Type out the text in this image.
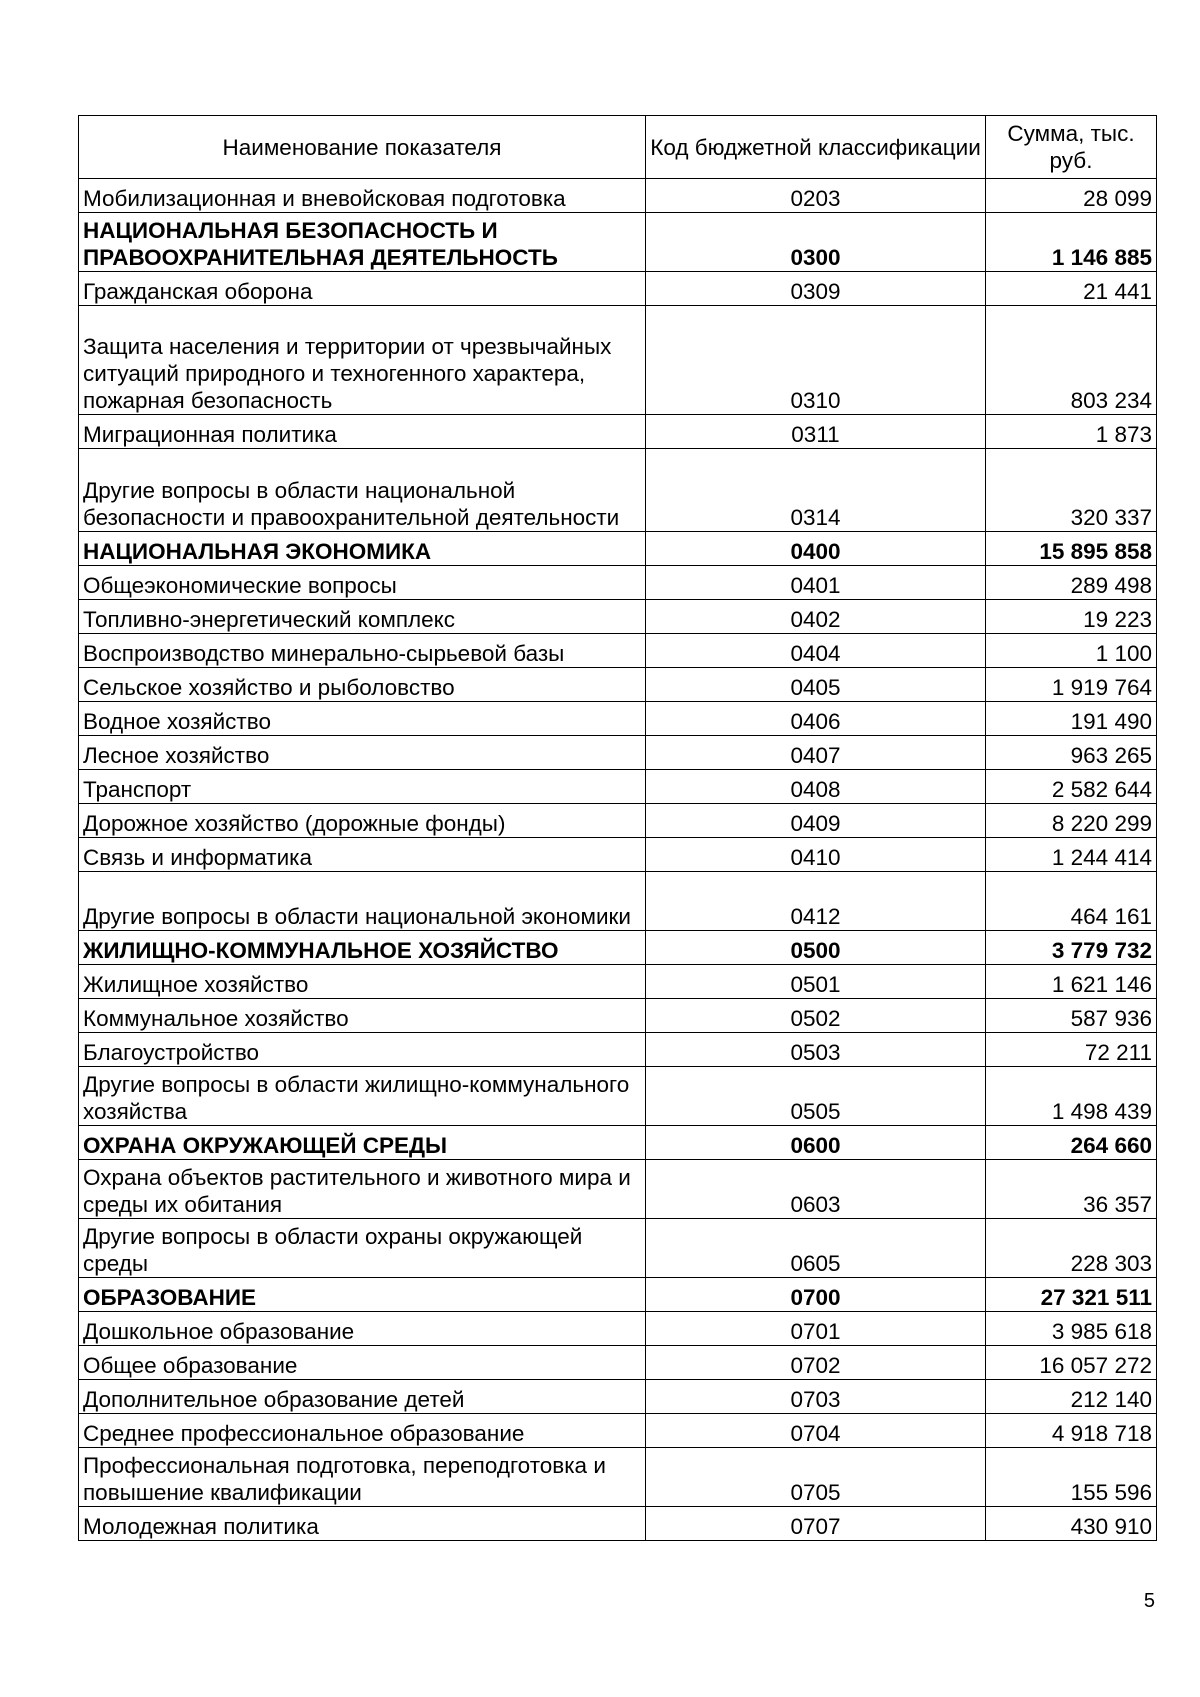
Наименование показателя	Код бюджетной классификации	Сумма, тыс. руб.
Мобилизационная и вневойсковая подготовка	0203	28 099
НАЦИОНАЛЬНАЯ БЕЗОПАСНОСТЬ И ПРАВООХРАНИТЕЛЬНАЯ ДЕЯТЕЛЬНОСТЬ	0300	1 146 885
Гражданская оборона	0309	21 441
Защита населения и территории от чрезвычайных ситуаций природного и техногенного характера, пожарная безопасность	0310	803 234
Миграционная политика	0311	1 873
Другие вопросы в области национальной безопасности и правоохранительной деятельности	0314	320 337
НАЦИОНАЛЬНАЯ ЭКОНОМИКА	0400	15 895 858
Общеэкономические вопросы	0401	289 498
Топливно-энергетический комплекс	0402	19 223
Воспроизводство минерально-сырьевой базы	0404	1 100
Сельское хозяйство и рыболовство	0405	1 919 764
Водное хозяйство	0406	191 490
Лесное хозяйство	0407	963 265
Транспорт	0408	2 582 644
Дорожное хозяйство (дорожные фонды)	0409	8 220 299
Связь и информатика	0410	1 244 414
Другие вопросы в области национальной экономики	0412	464 161
ЖИЛИЩНО-КОММУНАЛЬНОЕ ХОЗЯЙСТВО	0500	3 779 732
Жилищное хозяйство	0501	1 621 146
Коммунальное хозяйство	0502	587 936
Благоустройство	0503	72 211
Другие вопросы в области жилищно-коммунального хозяйства	0505	1 498 439
ОХРАНА ОКРУЖАЮЩЕЙ СРЕДЫ	0600	264 660
Охрана объектов растительного и животного мира и среды их обитания	0603	36 357
Другие вопросы в области охраны окружающей среды	0605	228 303
ОБРАЗОВАНИЕ	0700	27 321 511
Дошкольное образование	0701	3 985 618
Общее образование	0702	16 057 272
Дополнительное образование детей	0703	212 140
Среднее профессиональное образование	0704	4 918 718
Профессиональная подготовка, переподготовка и повышение квалификации	0705	155 596
Молодежная политика	0707	430 910
5
